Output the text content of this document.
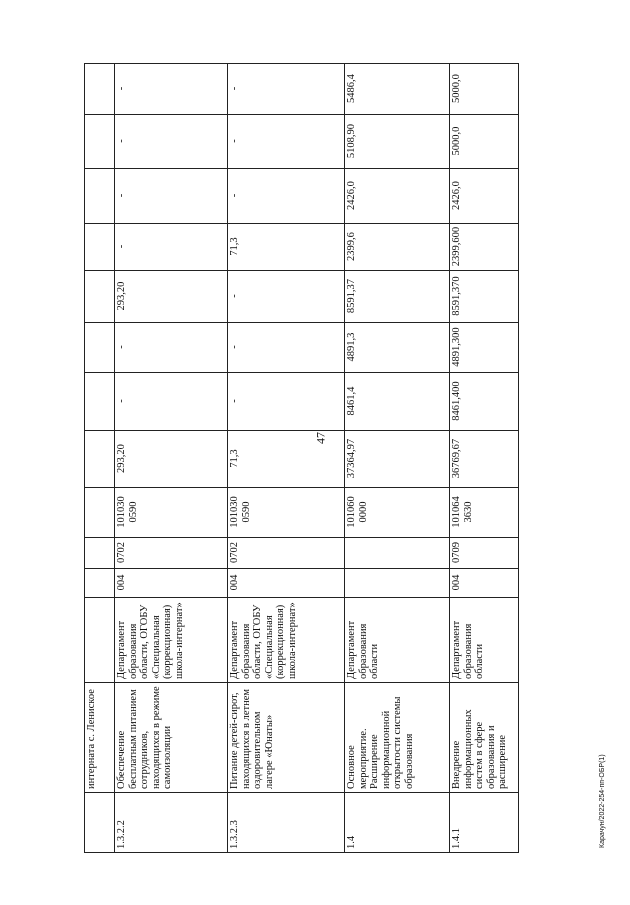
интерната с. Лениское
1.3.2.2
Обеспечение бесплатным питанием сотрудников, находящихся в режиме самоизоляции
Департамент образования области, ОГОБУ «Специальная (коррекционная) школа-интернат»
004
0702
101030 0590
293,20
-
-
293,20
-
-
-
-
1.3.2.3
Питание детей-сирот, находящихся в летнем оздоровительном лагере «Юнаты»
Департамент образования области, ОГОБУ «Специальная (коррекционная) школа-интернат»
004
0702
101030 0590
71,3
-
-
-
71,3
-
-
-
1.4
Основное мероприятие. Расширение информационной открытости системы образования
Департамент образования области
101060 0000
37364,97
8461,4
4891,3
8591,37
2399,6
2426,0
5108,90
5486,4
1.4.1
Внедрение информационных систем в сфере образования и расширение
Департамент образования области
004
0709
101064 3630
36769,67
8461,400
4891,300
8591,370
2399,600
2426,0
5000,0
5000,0
47
Карачун/2022-254-пп-ОБР(1)
